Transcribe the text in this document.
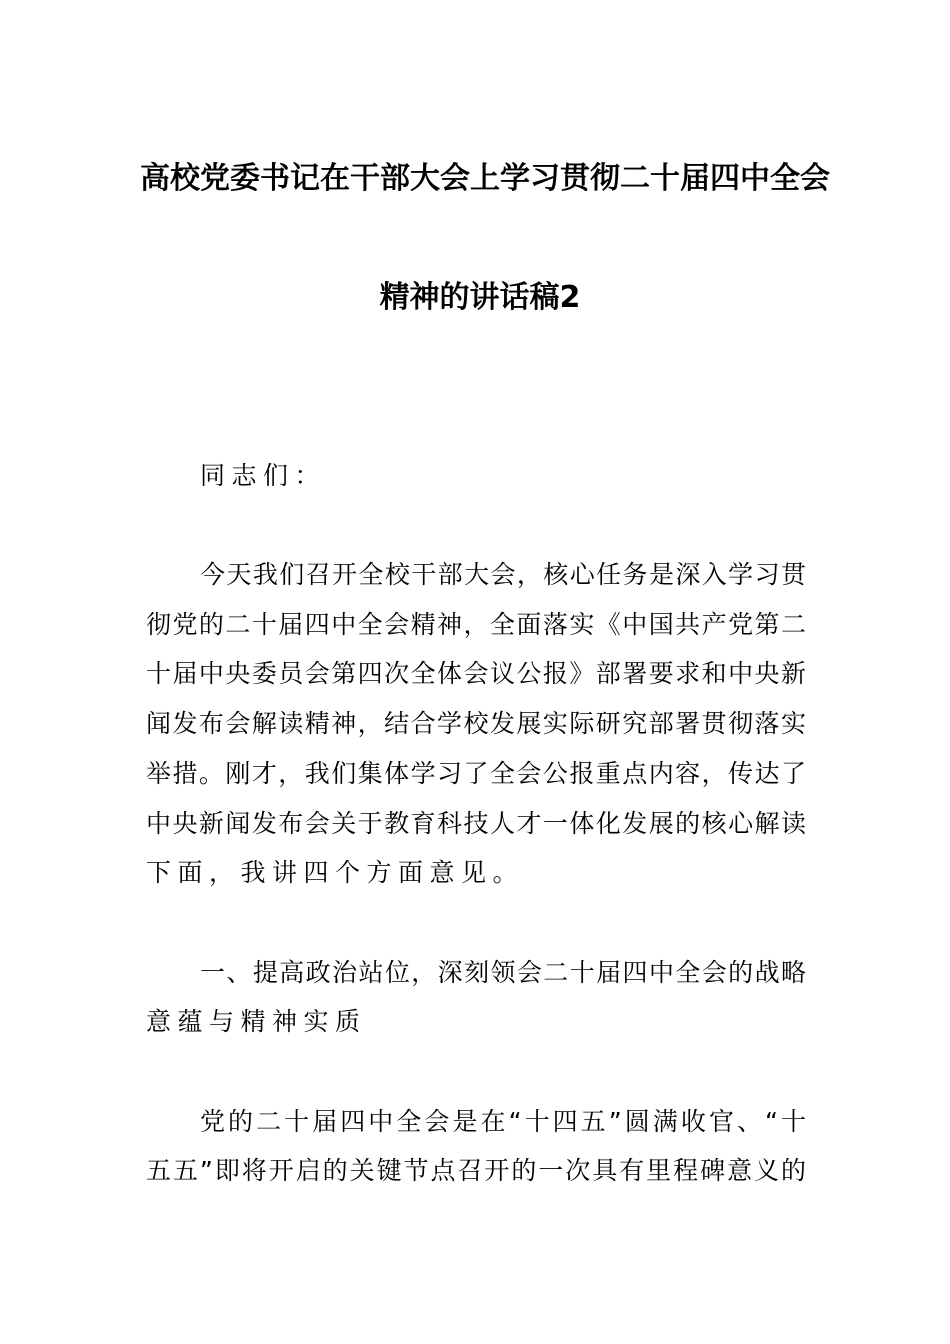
高校党委书记在干部大会上学习贯彻二十届四中全会
精神的讲话稿2
同志们：
今天我们召开全校干部大会，核心任务是深入学习贯
彻党的二十届四中全会精神，全面落实《中国共产党第二
十届中央委员会第四次全体会议公报》部署要求和中央新
闻发布会解读精神，结合学校发展实际研究部署贯彻落实
举措。刚才，我们集体学习了全会公报重点内容，传达了
中央新闻发布会关于教育科技人才一体化发展的核心解读
下面，我讲四个方面意见。
一、提高政治站位，深刻领会二十届四中全会的战略
意蕴与精神实质
党的二十届四中全会是在“十四五”圆满收官、“十
五五”即将开启的关键节点召开的一次具有里程碑意义的
